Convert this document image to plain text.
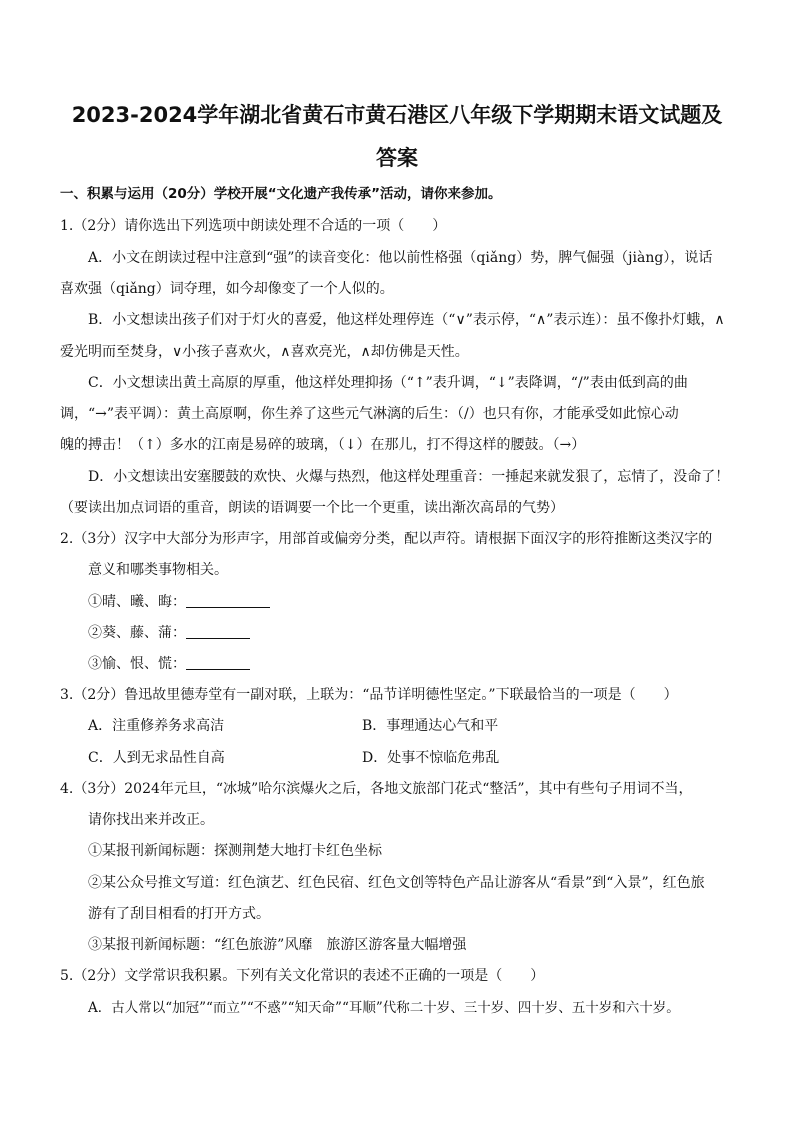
2023-2024学年湖北省黄石市黄石港区八年级下学期期末语文试题及
答案
一、积累与运用（20分）学校开展“文化遗产我传承”活动，请你来参加。
1.（2分）请你选出下列选项中朗读处理不合适的一项（　　）
A．小文在朗读过程中注意到“强”的读音变化：他以前性格强（qiǎng）势，脾气倔强（jiàng），说话
喜欢强（qiǎng）词夺理，如今却像变了一个人似的。
B．小文想读出孩子们对于灯火的喜爱，他这样处理停连（“∨”表示停，“∧”表示连）：虽不像扑灯蛾，∧
爱光明而至焚身，∨小孩子喜欢火，∧喜欢亮光，∧却仿佛是天性。
C．小文想读出黄土高原的厚重，他这样处理抑扬（“↑”表升调，“↓”表降调，“/”表由低到高的曲
调，“→”表平调）：黄土高原啊，你生养了这些元气淋漓的后生：（/）也只有你，才能承受如此惊心动
魄的搏击！（↑）多水的江南是易碎的玻璃，（↓）在那儿，打不得这样的腰鼓。（→）
D．小文想读出安塞腰鼓的欢快、火爆与热烈，他这样处理重音：一捶起来就发狠了，忘情了，没命了！
（要读出加点词语的重音，朗读的语调要一个比一个更重，读出渐次高昂的气势）
2.（3分）汉字中大部分为形声字，用部首或偏旁分类，配以声符。请根据下面汉字的形符推断这类汉字的
意义和哪类事物相关。
①晴、曦、晦：
②葵、藤、蒲：
③愉、恨、慌：
3.（2分）鲁迅故里德寿堂有一副对联，上联为：“品节详明德性坚定。”下联最恰当的一项是（　　）
A．注重修养务求高洁	B．事理通达心气和平
C．人到无求品性自高	D．处事不惊临危弗乱
4.（3分）2024年元旦，“冰城”哈尔滨爆火之后，各地文旅部门花式“整活”，其中有些句子用词不当，
请你找出来并改正。
①某报刊新闻标题：探测荆楚大地打卡红色坐标
②某公众号推文写道：红色演艺、红色民宿、红色文创等特色产品让游客从“看景”到“入景”，红色旅
游有了刮目相看的打开方式。
③某报刊新闻标题：“红色旅游”风靡　旅游区游客量大幅增强
5.（2分）文学常识我积累。下列有关文化常识的表述不正确的一项是（　　）
A．古人常以“加冠”“而立”“不惑”“知天命”“耳顺”代称二十岁、三十岁、四十岁、五十岁和六十岁。
